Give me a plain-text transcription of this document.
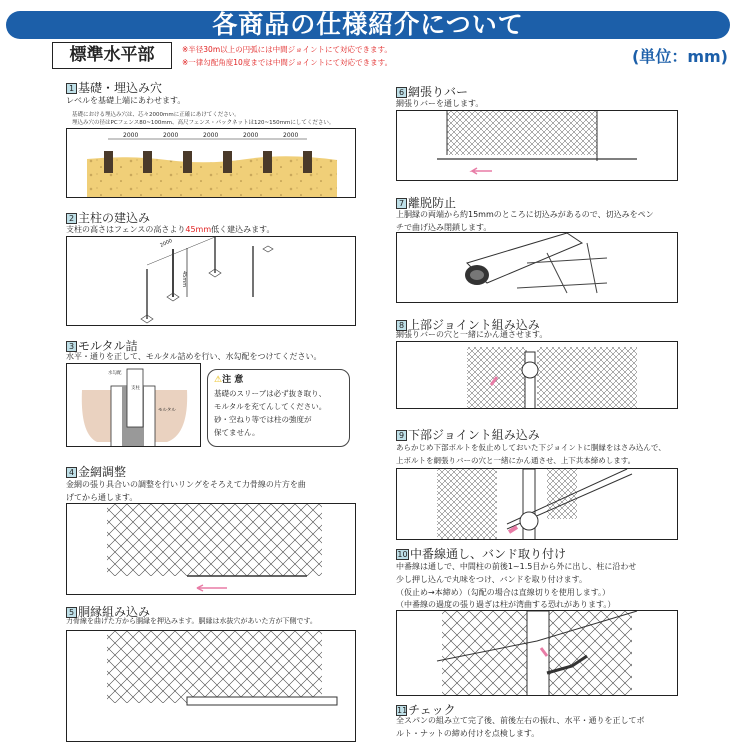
各商品の仕様紹介について
標準水平部	※半径30m以上の円弧には中間ジョイントにて対応できます。
※一律勾配角度10度までは中間ジョイントにて対応できます。	(単位：mm)
1 基礎・埋込み穴
レベルを基礎上端にあわせます。
基礎における埋込み穴は、芯々2000mmに正確にあけてください。
埋込み穴の径はPCフェンス80~100mm、高尺フェンス・パックネットは120~150mmにしてください。
2000	2000	2000	2000	2000
2 主柱の建込み
支柱の高さはフェンスの高さより45mm低く建込みます。
2000
45mm
3 モルタル詰
水平・通りを正して、モルタル詰めを行い、水勾配をつけてください。
水勾配
支柱
モルタル
⚠注 意
基礎のスリーブは必ず抜き取り、
モルタルを充てんしてください。
砂・空ねり等では柱の強度が
保てません。
4 金網調整
金網の張り具合いの調整を行いリングをそろえて力骨線の片方を曲
げてから通します。
5 胴縁組み込み
力骨線を曲げた方から胴縁を押込みます。胴縁は水抜穴があいた方が下側です。
6 網張りバー
網張りバーを通します。
7 離脱防止
上胴縁の両端から約15mmのところに切込みがあるので、切込みをペン
チで曲げ込み閉鎖します。
8 上部ジョイント組み込み
網張りバーの穴と一緒にかん通させます。
9 下部ジョイント組み込み
あらかじめ下部ボルトを仮止めしておいた下ジョイントに胴縁をはさみ込んで、
上ボルトを網張りバーの穴と一緒にかん通させ、上下共本締めします。
10 中番線通し、バンド取り付け
中番線は通しで、中間柱の前後1~1.5目から外に出し、柱に沿わせ
少し押し込んで丸味をつけ、バンドを取り付けます。
（仮止め→本締め）（勾配の場合は直線切りを使用します。）
（中番線の過度の張り過ぎは柱が湾曲する恐れがあります。）
11チェック
全スパンの組み立て完了後、前後左右の振れ、水平・通りを正してボ
ルト・ナットの締め付けを点検します。
